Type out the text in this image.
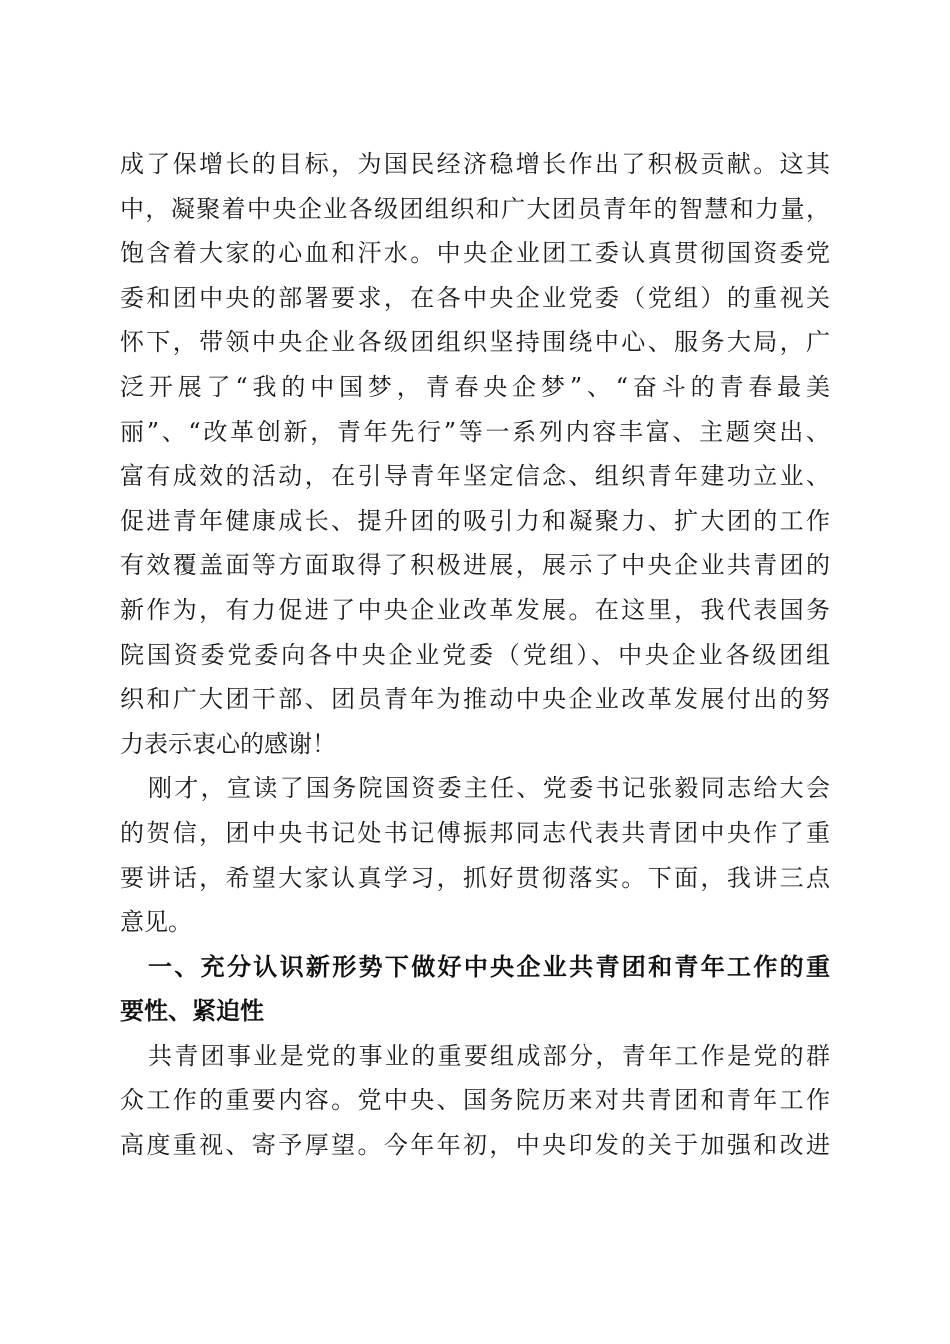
成了保增长的目标，为国民经济稳增长作出了积极贡献。这其
中，凝聚着中央企业各级团组织和广大团员青年的智慧和力量，
饱含着大家的心血和汗水。中央企业团工委认真贯彻国资委党
委和团中央的部署要求，在各中央企业党委（党组）的重视关
怀下，带领中央企业各级团组织坚持围绕中心、服务大局，广
泛开展了“我的中国梦，青春央企梦”、“奋斗的青春最美
丽”、“改革创新，青年先行”等一系列内容丰富、主题突出、
富有成效的活动，在引导青年坚定信念、组织青年建功立业、
促进青年健康成长、提升团的吸引力和凝聚力、扩大团的工作
有效覆盖面等方面取得了积极进展，展示了中央企业共青团的
新作为，有力促进了中央企业改革发展。在这里，我代表国务
院国资委党委向各中央企业党委（党组）、中央企业各级团组
织和广大团干部、团员青年为推动中央企业改革发展付出的努
力表示衷心的感谢！
刚才，宣读了国务院国资委主任、党委书记张毅同志给大会
的贺信，团中央书记处书记傅振邦同志代表共青团中央作了重
要讲话，希望大家认真学习，抓好贯彻落实。下面，我讲三点
意见。
一、充分认识新形势下做好中央企业共青团和青年工作的重
要性、紧迫性
共青团事业是党的事业的重要组成部分，青年工作是党的群
众工作的重要内容。党中央、国务院历来对共青团和青年工作
高度重视、寄予厚望。今年年初，中央印发的关于加强和改进
